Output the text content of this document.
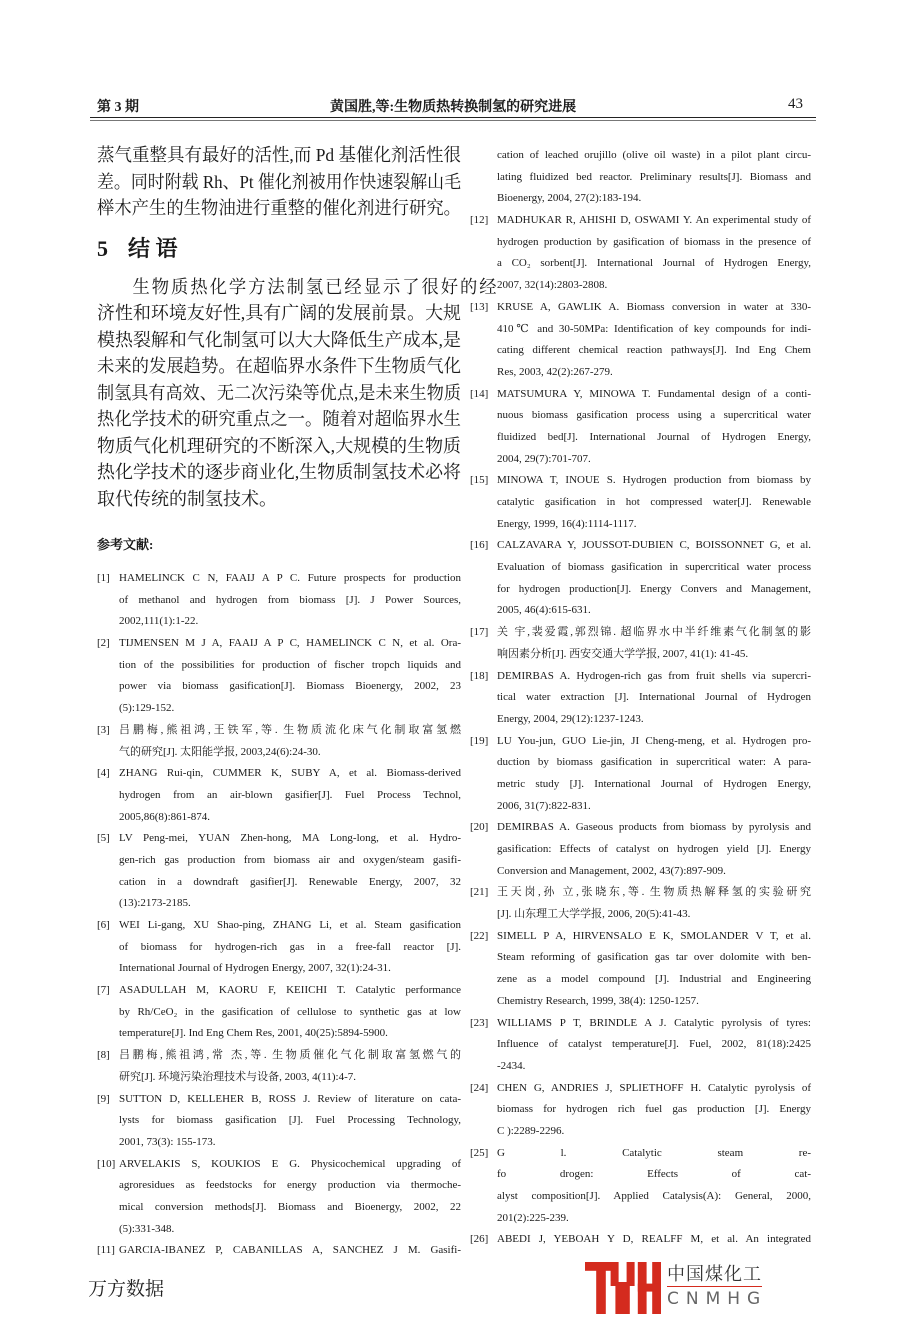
第 3 期	黄国胜,等:生物质热转换制氢的研究进展	43
蒸气重整具有最好的活性,而 Pd 基催化剂活性很
差。同时附载 Rh、Pt 催化剂被用作快速裂解山毛
榉木产生的生物油进行重整的催化剂进行研究。
5 结 语
生物质热化学方法制氢已经显示了很好的经
济性和环境友好性,具有广阔的发展前景。大规
模热裂解和气化制氢可以大大降低生产成本,是
未来的发展趋势。在超临界水条件下生物质气化
制氢具有高效、无二次污染等优点,是未来生物质
热化学技术的研究重点之一。随着对超临界水生
物质气化机理研究的不断深入,大规模的生物质
热化学技术的逐步商业化,生物质制氢技术必将
取代传统的制氢技术。
参考文献:
[1] HAMELINCK C N, FAAIJ A P C. Future prospects for production
of methanol and hydrogen from biomass [J]. J Power Sources,
2002,111(1):1-22.
[2] TIJMENSEN M J A, FAAIJ A P C, HAMELINCK C N, et al. Ora-
tion of the possibilities for production of fischer tropch liquids and
power via biomass gasification[J]. Biomass Bioenergy, 2002, 23
(5):129-152.
[3] 吕鹏梅,熊祖鸿,王铁军,等. 生物质流化床气化制取富氢燃
气的研究[J]. 太阳能学报, 2003,24(6):24-30.
[4] ZHANG Rui-qin, CUMMER K, SUBY A, et al. Biomass-derived
hydrogen from an air-blown gasifier[J]. Fuel Process Technol,
2005,86(8):861-874.
[5] LV Peng-mei, YUAN Zhen-hong, MA Long-long, et al. Hydro-
gen-rich gas production from biomass air and oxygen/steam gasifi-
cation in a downdraft gasifier[J]. Renewable Energy, 2007, 32
(13):2173-2185.
[6] WEI Li-gang, XU Shao-ping, ZHANG Li, et al. Steam gasification
of biomass for hydrogen-rich gas in a free-fall reactor [J].
International Journal of Hydrogen Energy, 2007, 32(1):24-31.
[7] ASADULLAH M, KAORU F, KEIICHI T. Catalytic performance
by Rh/CeO₂ in the gasification of cellulose to synthetic gas at low
temperature[J]. Ind Eng Chem Res, 2001, 40(25):5894-5900.
[8] 吕鹏梅,熊祖鸿,常 杰,等. 生物质催化气化制取富氢燃气的
研究[J]. 环境污染治理技术与设备, 2003, 4(11):4-7.
[9] SUTTON D, KELLEHER B, ROSS J. Review of literature on cata-
lysts for biomass gasification [J]. Fuel Processing Technology,
2001, 73(3): 155-173.
[10] ARVELAKIS S, KOUKIOS E G. Physicochemical upgrading of
agroresidues as feedstocks for energy production via thermoche-
mical conversion methods[J]. Biomass and Bioenergy, 2002, 22
(5):331-348.
[11] GARCIA-IBANEZ P, CABANILLAS A, SANCHEZ J M. Gasifi-
cation of leached orujillo (olive oil waste) in a pilot plant circu-
lating fluidized bed reactor. Preliminary results[J]. Biomass and
Bioenergy, 2004, 27(2):183-194.
[12] MADHUKAR R, AHISHI D, OSWAMI Y. An experimental study of
hydrogen production by gasification of biomass in the presence of
a CO₂ sorbent[J]. International Journal of Hydrogen Energy,
2007, 32(14):2803-2808.
[13] KRUSE A, GAWLIK A. Biomass conversion in water at 330-
410℃ and 30-50MPa: Identification of key compounds for indi-
cating different chemical reaction pathways[J]. Ind Eng Chem
Res, 2003, 42(2):267-279.
[14] MATSUMURA Y, MINOWA T. Fundamental design of a conti-
nuous biomass gasification process using a supercritical water
fluidized bed[J]. International Journal of Hydrogen Energy,
2004, 29(7):701-707.
[15] MINOWA T, INOUE S. Hydrogen production from biomass by
catalytic gasification in hot compressed water[J]. Renewable
Energy, 1999, 16(4):1114-1117.
[16] CALZAVARA Y, JOUSSOT-DUBIEN C, BOISSONNET G, et al.
Evaluation of biomass gasification in supercritical water process
for hydrogen production[J]. Energy Convers and Management,
2005, 46(4):615-631.
[17] 关 宇,裴爱霞,郭烈锦. 超临界水中半纤维素气化制氢的影
响因素分析[J]. 西安交通大学学报, 2007, 41(1): 41-45.
[18] DEMIRBAS A. Hydrogen-rich gas from fruit shells via supercri-
tical water extraction [J]. International Journal of Hydrogen
Energy, 2004, 29(12):1237-1243.
[19] LU You-jun, GUO Lie-jin, JI Cheng-meng, et al. Hydrogen pro-
duction by biomass gasification in supercritical water: A para-
metric study [J]. International Journal of Hydrogen Energy,
2006, 31(7):822-831.
[20] DEMIRBAS A. Gaseous products from biomass by pyrolysis and
gasification: Effects of catalyst on hydrogen yield [J]. Energy
Conversion and Management, 2002, 43(7):897-909.
[21] 王天岗,孙 立,张晓东,等. 生物质热解释氢的实验研究
[J]. 山东理工大学学报, 2006, 20(5):41-43.
[22] SIMELL P A, HIRVENSALO E K, SMOLANDER V T, et al.
Steam reforming of gasification gas tar over dolomite with ben-
zene as a model compound [J]. Industrial and Engineering
Chemistry Research, 1999, 38(4): 1250-1257.
[23] WILLIAMS P T, BRINDLE A J. Catalytic pyrolysis of tyres:
Influence of catalyst temperature[J]. Fuel, 2002, 81(18):2425
-2434.
[24] CHEN G, ANDRIES J, SPLIETHOFF H. Catalytic pyrolysis of
biomass for hydrogen rich fuel gas production [J]. Energy
C ):2289-2296.
[25] G l. Catalytic steam re-
fo drogen: Effects of cat-
alyst composition[J]. Applied Catalysis(A): General, 2000,
201(2):225-239.
[26] ABEDI J, YEBOAH Y D, REALFF M, et al. An integrated
中国煤化工
CNMHG
万方数据
